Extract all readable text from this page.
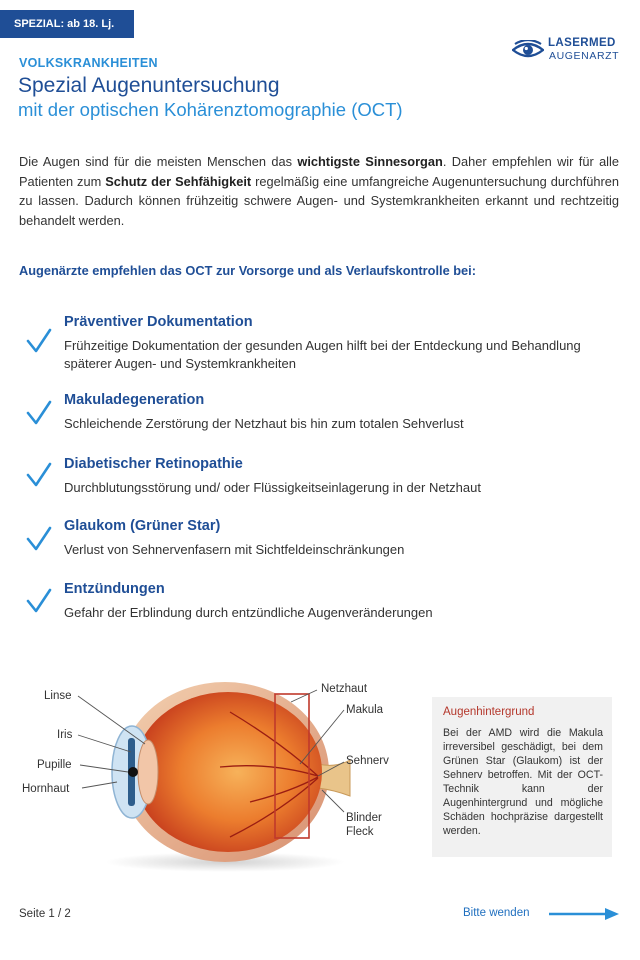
SPEZIAL: ab 18. Lj.
LASERMED
AUGENARZT
VOLKSKRANKHEITEN
Spezial Augenuntersuchung
mit der optischen Kohärenztomographie (OCT)
Die Augen sind für die meisten Menschen das wichtigste Sinnesorgan. Daher empfehlen wir für alle Patienten zum Schutz der Sehfähigkeit regelmäßig eine umfangreiche Augenuntersuchung durchführen zu lassen. Dadurch können frühzeitig schwere Augen- und Systemkrankheiten erkannt und rechtzeitig behandelt werden.
Augenärzte empfehlen das OCT zur Vorsorge und als Verlaufskontrolle bei:
Präventiver Dokumentation
Frühzeitige Dokumentation der gesunden Augen hilft bei der Entdeckung und Behandlung späterer Augen- und Systemkrankheiten
Makuladegeneration
Schleichende Zerstörung der Netzhaut bis hin zum totalen Sehverlust
Diabetischer Retinopathie
Durchblutungsstörung und/ oder Flüssigkeitseinlagerung in der Netzhaut
Glaukom (Grüner Star)
Verlust von Sehnervenfasern mit Sichtfeldeinschränkungen
Entzündungen
Gefahr der Erblindung durch entzündliche Augenveränderungen
Linse
Iris
Pupille
Hornhaut
Netzhaut
Makula
Sehnerv
Blinder
Fleck
Augenhintergrund
Bei der AMD wird die Makula irreversibel geschädigt, bei dem Grünen Star (Glaukom) ist der Sehnerv betroffen. Mit der OCT-Technik kann der Augenhintergrund und mögliche Schäden hochpräzise dargestellt werden.
Seite 1 / 2	Bitte wenden
